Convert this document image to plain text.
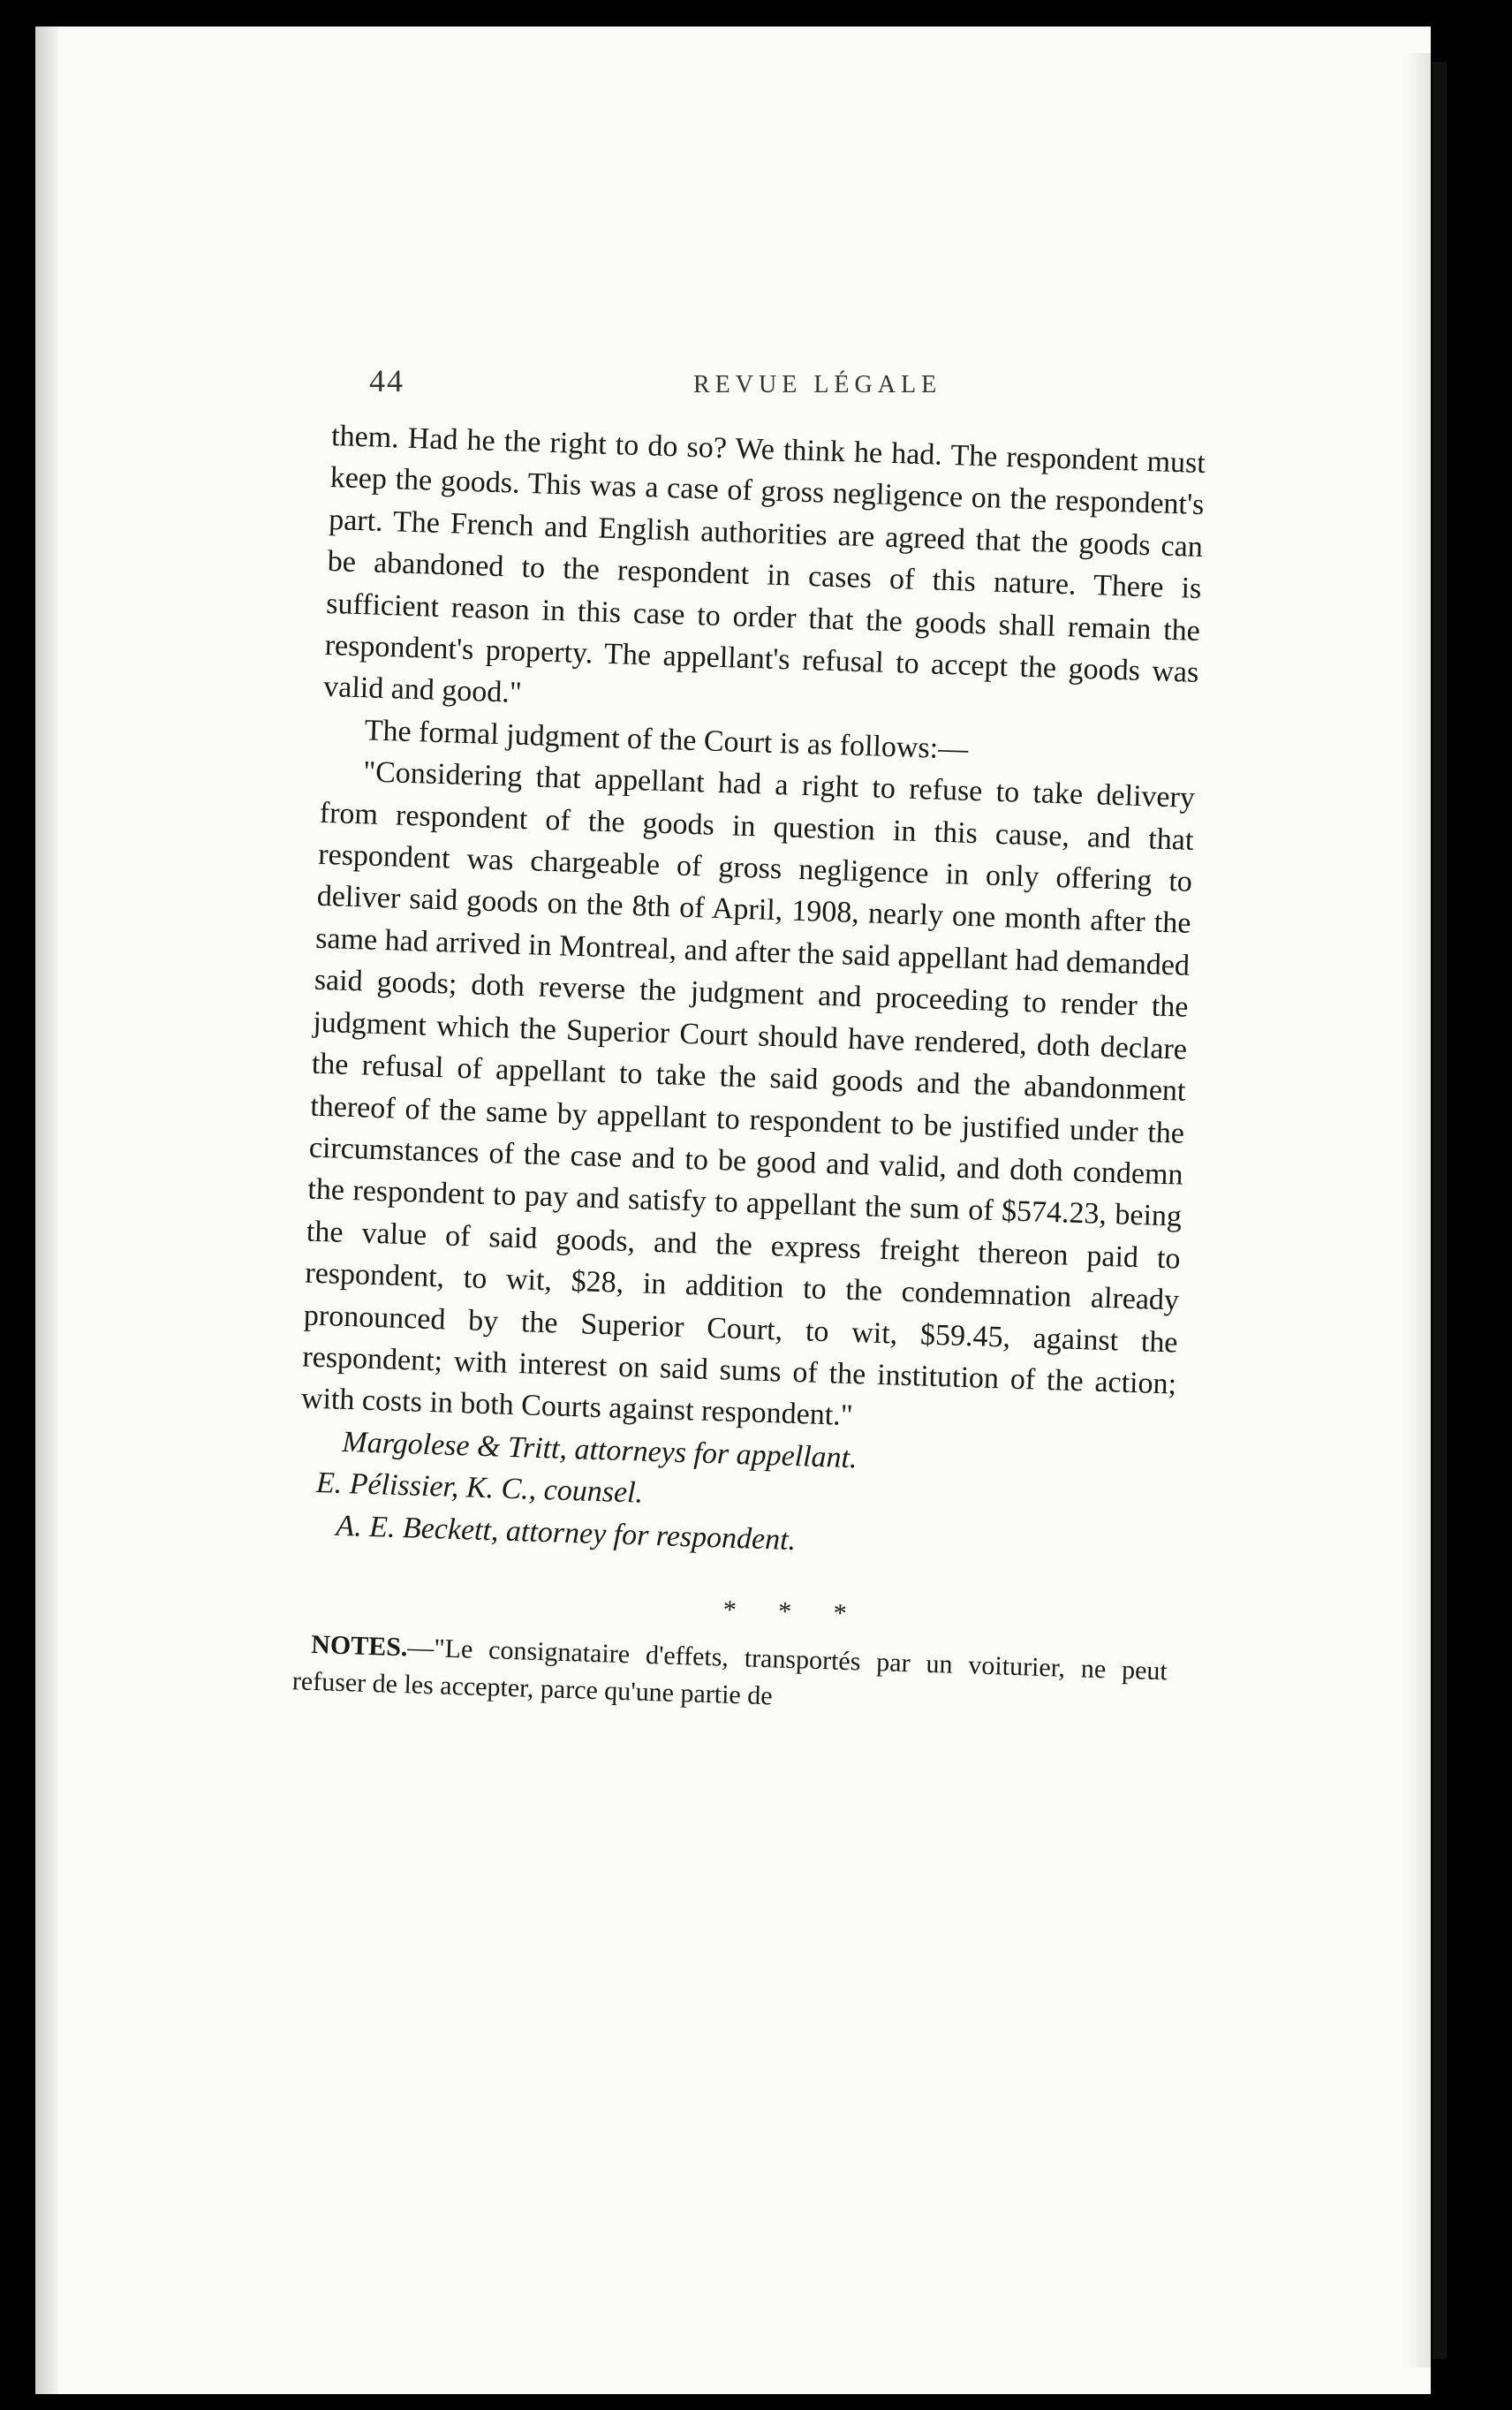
44	REVUE LÉGALE

them. Had he the right to do so? We think he had. The respondent must keep the goods. This was a case of gross negligence on the respondent's part. The French and English authorities are agreed that the goods can be abandoned to the respondent in cases of this nature. There is sufficient reason in this case to order that the goods shall remain the respondent's property. The appellant's refusal to accept the goods was valid and good."

The formal judgment of the Court is as follows:—

"Considering that appellant had a right to refuse to take delivery from respondent of the goods in question in this cause, and that respondent was chargeable of gross negligence in only offering to deliver said goods on the 8th of April, 1908, nearly one month after the same had arrived in Montreal, and after the said appellant had demanded said goods; doth reverse the judgment and proceeding to render the judgment which the Superior Court should have rendered, doth declare the refusal of appellant to take the said goods and the abandonment thereof of the same by appellant to respondent to be justified under the circumstances of the case and to be good and valid, and doth condemn the respondent to pay and satisfy to appellant the sum of $574.23, being the value of said goods, and the express freight thereon paid to respondent, to wit, $28, in addition to the condemnation already pronounced by the Superior Court, to wit, $59.45, against the respondent; with interest on said sums of the institution of the action; with costs in both Courts against respondent."

Margolese & Tritt, attorneys for appellant.

E. Pélissier, K. C., counsel.

A. E. Beckett, attorney for respondent.

* * *

NOTES.—"Le consignataire d'effets, transportés par un voiturier, ne peut refuser de les accepter, parce qu'une partie de
